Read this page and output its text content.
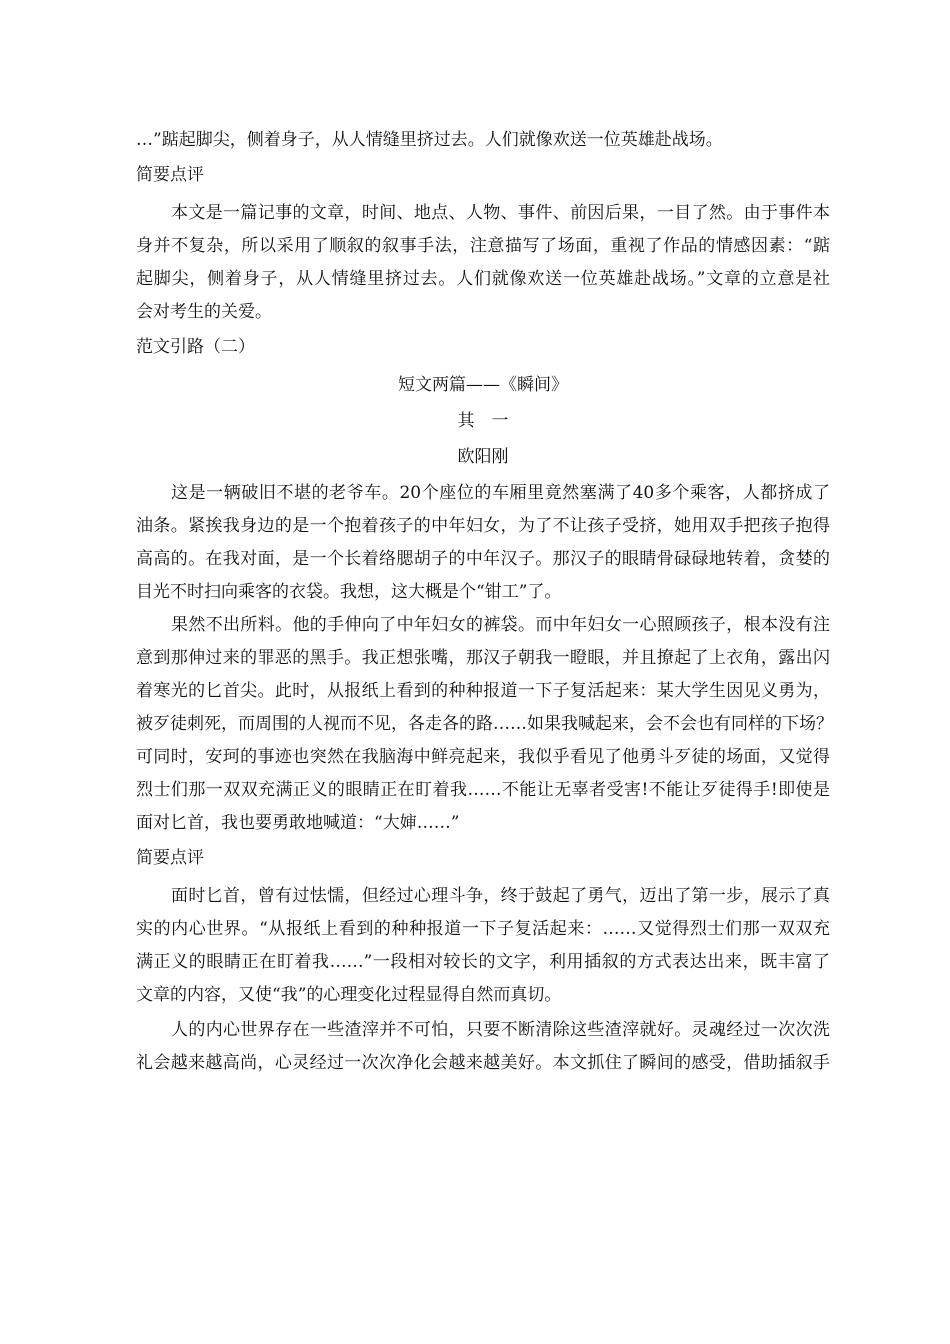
…”踮起脚尖，侧着身子，从人情缝里挤过去。人们就像欢送一位英雄赴战场。
简要点评
本文是一篇记事的文章，时间、地点、人物、事件、前因后果，一目了然。由于事件本
身并不复杂，所以采用了顺叙的叙事手法，注意描写了场面，重视了作品的情感因素：“踮
起脚尖，侧着身子，从人情缝里挤过去。人们就像欢送一位英雄赴战场。”文章的立意是社
会对考生的关爱。
范文引路（二）
短文两篇——《瞬间》
其　一
欧阳刚
这是一辆破旧不堪的老爷车。20个座位的车厢里竟然塞满了40多个乘客，人都挤成了
油条。紧挨我身边的是一个抱着孩子的中年妇女，为了不让孩子受挤，她用双手把孩子抱得
高高的。在我对面，是一个长着络腮胡子的中年汉子。那汉子的眼睛骨碌碌地转着，贪婪的
目光不时扫向乘客的衣袋。我想，这大概是个“钳工”了。
果然不出所料。他的手伸向了中年妇女的裤袋。而中年妇女一心照顾孩子，根本没有注
意到那伸过来的罪恶的黑手。我正想张嘴，那汉子朝我一瞪眼，并且撩起了上衣角，露出闪
着寒光的匕首尖。此时，从报纸上看到的种种报道一下子复活起来：某大学生因见义勇为，
被歹徒刺死，而周围的人视而不见，各走各的路……如果我喊起来，会不会也有同样的下场？
可同时，安珂的事迹也突然在我脑海中鲜亮起来，我似乎看见了他勇斗歹徒的场面，又觉得
烈士们那一双双充满正义的眼睛正在盯着我……不能让无辜者受害!不能让歹徒得手!即使是
面对匕首，我也要勇敢地喊道：“大婶……”
简要点评
面时匕首，曾有过怯懦，但经过心理斗争，终于鼓起了勇气，迈出了第一步，展示了真
实的内心世界。“从报纸上看到的种种报道一下子复活起来：……又觉得烈士们那一双双充
满正义的眼睛正在盯着我……”一段相对较长的文字，利用插叙的方式表达出来，既丰富了
文章的内容，又使“我”的心理变化过程显得自然而真切。
人的内心世界存在一些渣滓并不可怕，只要不断清除这些渣滓就好。灵魂经过一次次洗
礼会越来越高尚，心灵经过一次次净化会越来越美好。本文抓住了瞬间的感受，借助插叙手
